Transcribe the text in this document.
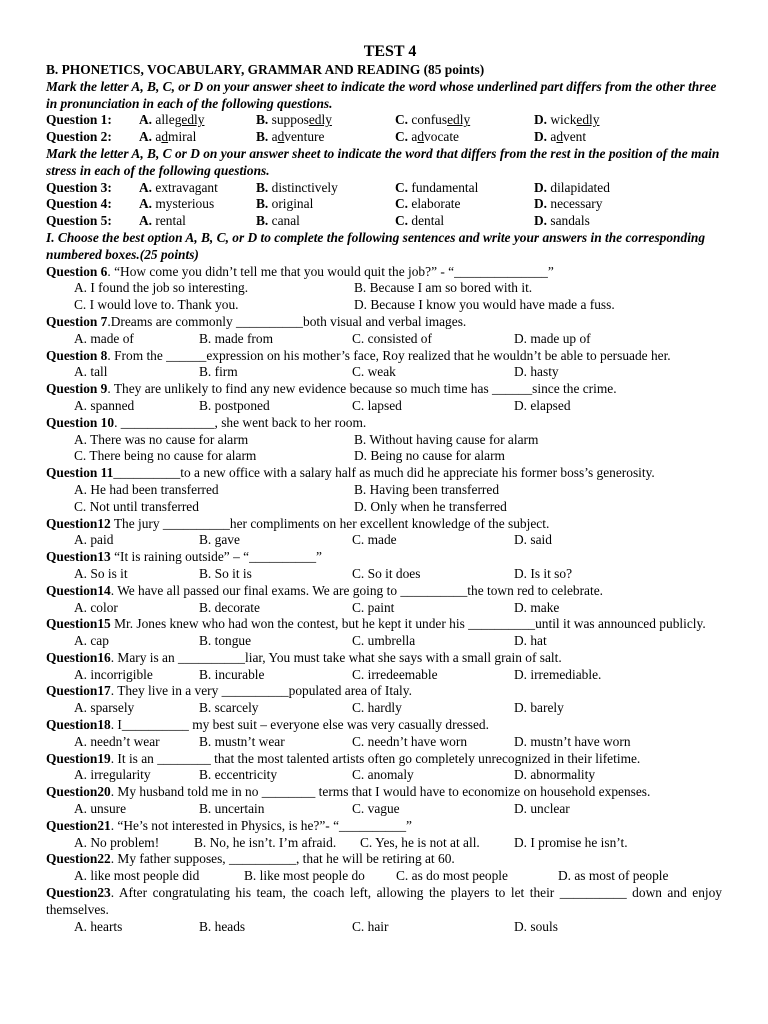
TEST 4
B. PHONETICS, VOCABULARY, GRAMMAR AND READING (85 points)
Mark the letter A, B, C, or D on your answer sheet to indicate the word whose underlined part differs from the other three in pronunciation in each of the following questions.
Question 1:	A. allegedly	B. supposedly	C. confusedly	D. wickedly
Question 2:	A. admiral	B. adventure	C. advocate	D. advent
Mark the letter A, B, C or D on your answer sheet to indicate the word that differs from the rest in the position of the main stress in each of the following questions.
Question 3:	A. extravagant	B. distinctively	C. fundamental	D. dilapidated
Question 4:	A. mysterious	B. original	C. elaborate	D. necessary
Question 5:	A. rental	B. canal	C. dental	D. sandals
I. Choose the best option A, B, C, or D to complete the following sentences and write your answers in the corresponding numbered boxes.(25 points)
Question 6. “How come you didn’t tell me that you would quit the job?” - “______________”
A. I found the job so interesting.	B. Because I am so bored with it.
C. I would love to. Thank you.	D. Because I know you would have made a fuss.
Question 7.Dreams are commonly __________both visual and verbal images.
A. made of	B. made from	C. consisted of	D. made up of
Question 8. From the ______expression on his mother’s face, Roy realized that he wouldn’t be able to persuade her.
A. tall	B. firm	C. weak	D. hasty
Question 9. They are unlikely to find any new evidence because so much time has ______since the crime.
A. spanned	B. postponed	C. lapsed	D. elapsed
Question 10. ______________, she went back to her room.
A. There was no cause for alarm	B. Without having cause for alarm
C. There being no cause for alarm	D. Being no cause for alarm
Question 11__________to a new office with a salary half as much did he appreciate his former boss’s generosity.
A. He had been transferred	B. Having been transferred
C. Not until transferred	D. Only when he transferred
Question12 The jury __________her compliments on her excellent knowledge of the subject.
A. paid	B. gave	C. made	D. said
Question13 “It is raining outside” – “__________”
A. So is it	B. So it is	C. So it does	D. Is it so?
Question14. We have all passed our final exams. We are going to __________the town red to celebrate.
A. color	B. decorate	C. paint	D. make
Question15 Mr. Jones knew who had won the contest, but he kept it under his __________until it was announced publicly.
A. cap	B. tongue	C. umbrella	D. hat
Question16. Mary is an __________liar, You must take what she says with a small grain of salt.
A. incorrigible	B. incurable	C. irredeemable	D. irremediable.
Question17. They live in a very __________populated area of Italy.
A. sparsely	B. scarcely	C. hardly	D. barely
Question18. I__________ my best suit – everyone else was very casually dressed.
A. needn’t wear	B. mustn’t wear	C. needn’t have worn	D. mustn’t have worn
Question19. It is an ________ that the most talented artists often go completely unrecognized in their lifetime.
A. irregularity	B. eccentricity	C. anomaly	D. abnormality
Question20. My husband told me in no ________ terms that I would have to economize on household expenses.
A. unsure	B. uncertain	C. vague	D. unclear
Question21. “He’s not interested in Physics, is he?”- “__________”
A. No problem!	B. No, he isn’t. I’m afraid.	C. Yes, he is not at all.	D. I promise he isn’t.
Question22. My father supposes, __________, that he will be retiring at 60.
A. like most people did	B. like most people do	C. as do most people	D. as most of people
Question23. After congratulating his team, the coach left, allowing the players to let their __________ down and enjoy themselves.
A. hearts	B. heads	C. hair	D. souls
